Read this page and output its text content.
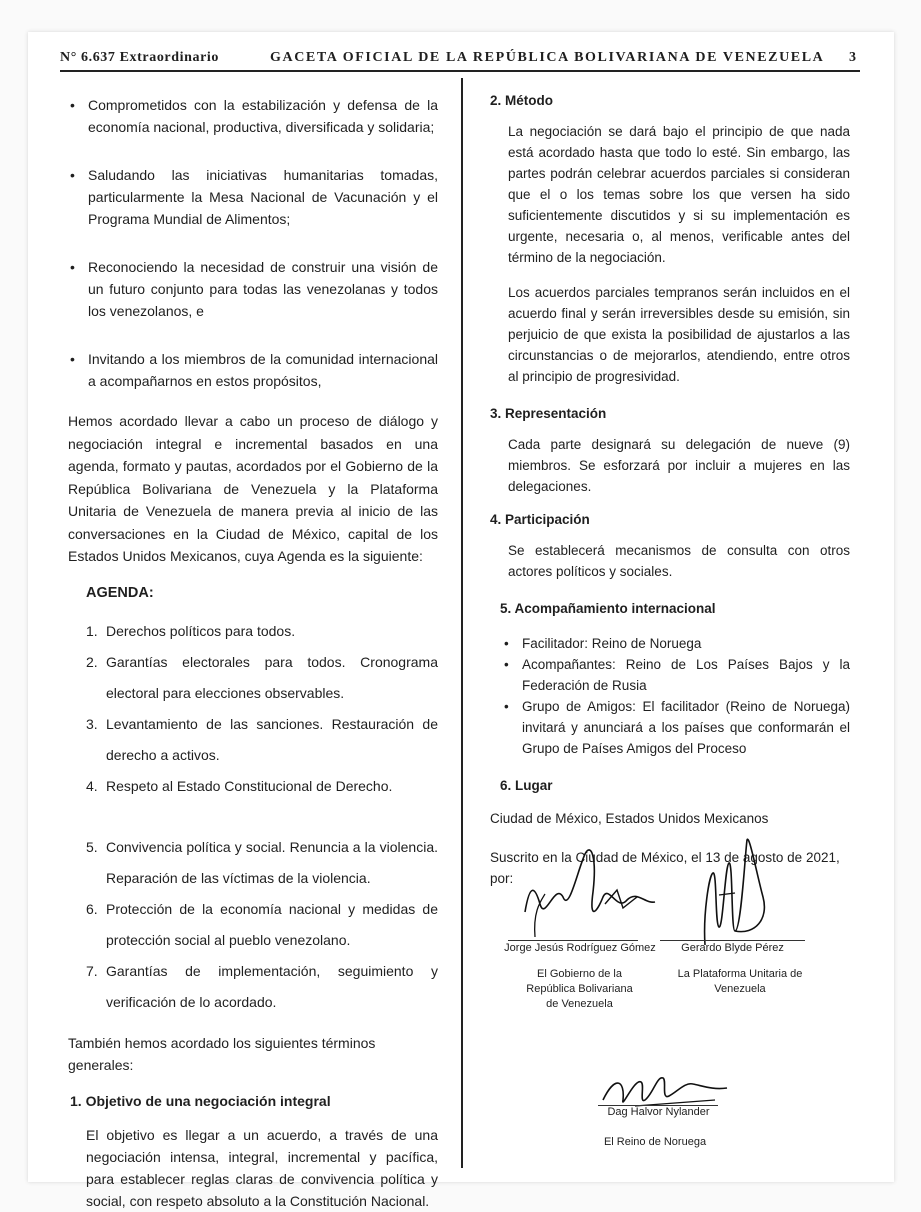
N° 6.637 Extraordinario	GACETA OFICIAL DE LA REPÚBLICA BOLIVARIANA DE VENEZUELA 3
• Comprometidos con la estabilización y defensa de la economía nacional, productiva, diversificada y solidaria;
• Saludando las iniciativas humanitarias tomadas, particularmente la Mesa Nacional de Vacunación y el Programa Mundial de Alimentos;
• Reconociendo la necesidad de construir una visión de un futuro conjunto para todas las venezolanas y todos los venezolanos, e
• Invitando a los miembros de la comunidad internacional a acompañarnos en estos propósitos,

Hemos acordado llevar a cabo un proceso de diálogo y negociación integral e incremental basados en una agenda, formato y pautas, acordados por el Gobierno de la República Bolivariana de Venezuela y la Plataforma Unitaria de Venezuela de manera previa al inicio de las conversaciones en la Ciudad de México, capital de los Estados Unidos Mexicanos, cuya Agenda es la siguiente:

AGENDA:

1. Derechos políticos para todos.
2. Garantías electorales para todos. Cronograma electoral para elecciones observables.
3. Levantamiento de las sanciones. Restauración de derecho a activos.
4. Respeto al Estado Constitucional de Derecho.
5. Convivencia política y social. Renuncia a la violencia. Reparación de las víctimas de la violencia.
6. Protección de la economía nacional y medidas de protección social al pueblo venezolano.
7. Garantías de implementación, seguimiento y verificación de lo acordado.

También hemos acordado los siguientes términos generales:

1. Objetivo de una negociación integral

El objetivo es llegar a un acuerdo, a través de una negociación intensa, integral, incremental y pacífica, para establecer reglas claras de convivencia política y social, con respeto absoluto a la Constitución Nacional.

2. Método

La negociación se dará bajo el principio de que nada está acordado hasta que todo lo esté. Sin embargo, las partes podrán celebrar acuerdos parciales si consideran que el o los temas sobre los que versen ha sido suficientemente discutidos y si su implementación es urgente, necesaria o, al menos, verificable antes del término de la negociación.

Los acuerdos parciales tempranos serán incluidos en el acuerdo final y serán irreversibles desde su emisión, sin perjuicio de que exista la posibilidad de ajustarlos a las circunstancias o de mejorarlos, atendiendo, entre otros al principio de progresividad.

3. Representación

Cada parte designará su delegación de nueve (9) miembros. Se esforzará por incluir a mujeres en las delegaciones.

4. Participación

Se establecerá mecanismos de consulta con otros actores políticos y sociales.

5. Acompañamiento internacional

• Facilitador: Reino de Noruega
• Acompañantes: Reino de Los Países Bajos y la Federación de Rusia
• Grupo de Amigos: El facilitador (Reino de Noruega) invitará y anunciará a los países que conformarán el Grupo de Países Amigos del Proceso

6. Lugar

Ciudad de México, Estados Unidos Mexicanos

Suscrito en la Ciudad de México, el 13 de agosto de 2021, por:

Jorge Jesús Rodríguez Gómez
El Gobierno de la República Bolivariana de Venezuela
Gerardo Blyde Pérez
La Plataforma Unitaria de Venezuela
Dag Halvor Nylander
El Reino de Noruega
